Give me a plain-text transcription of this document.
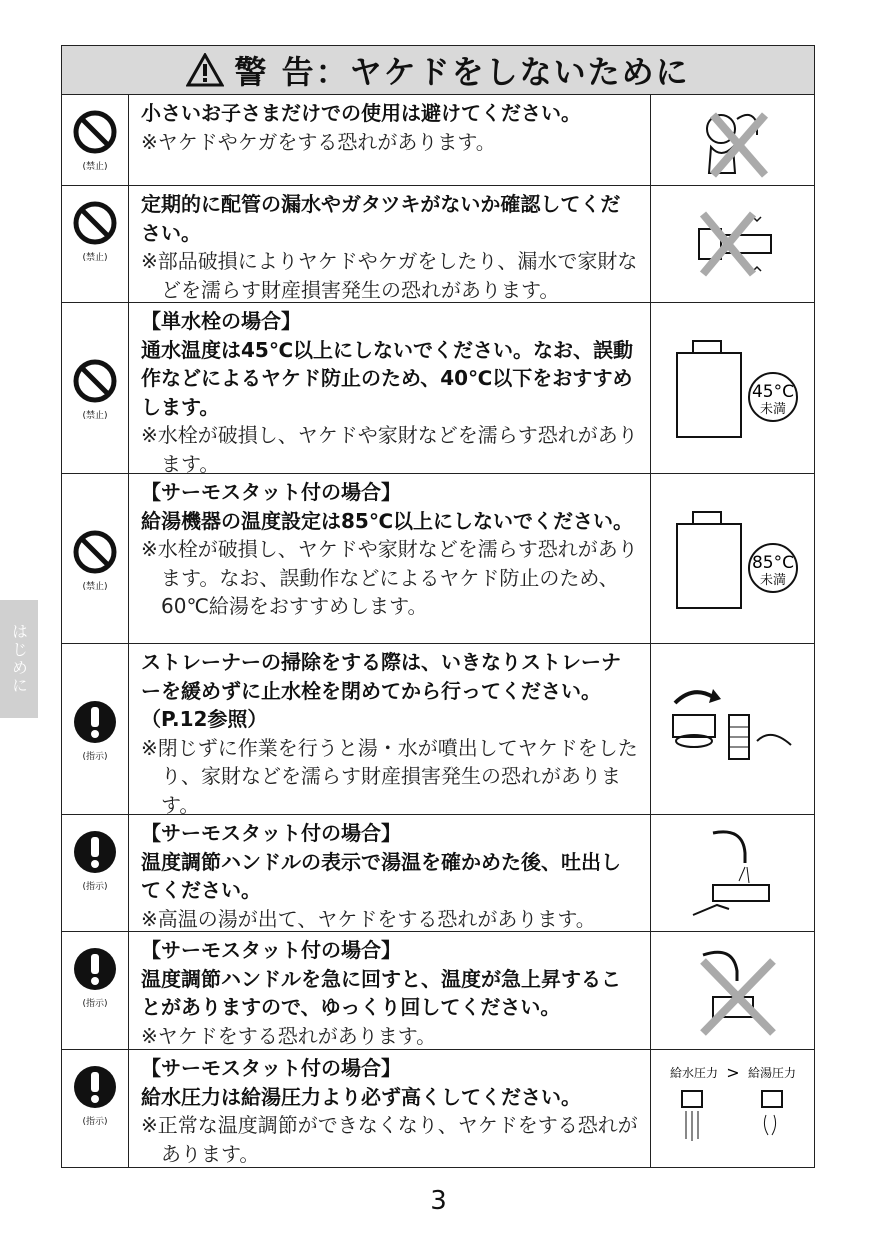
はじめに
警 告：ヤケドをしないために
(禁止)
小さいお子さまだけでの使用は避けてください。
※ヤケドやケガをする恐れがあります。
(禁止)
定期的に配管の漏水やガタツキがないか確認してください。
※部品破損によりヤケドやケガをしたり、漏水で家財などを濡らす財産損害発生の恐れがあります。
(禁止)
【単水栓の場合】
通水温度は45℃以上にしないでください。なお、誤動作などによるヤケド防止のため、40℃以下をおすすめします。
※水栓が破損し、ヤケドや家財などを濡らす恐れがあります。
45°C
未満
(禁止)
【サーモスタット付の場合】
給湯機器の温度設定は85℃以上にしないでください。
※水栓が破損し、ヤケドや家財などを濡らす恐れがあります。なお、誤動作などによるヤケド防止のため、60℃給湯をおすすめします。
85°C
未満
(指示)
ストレーナーの掃除をする際は、いきなりストレーナーを緩めずに止水栓を閉めてから行ってください。（P.12参照）
※閉じずに作業を行うと湯・水が噴出してヤケドをしたり、家財などを濡らす財産損害発生の恐れがあります。
(指示)
【サーモスタット付の場合】
温度調節ハンドルの表示で湯温を確かめた後、吐出してください。
※高温の湯が出て、ヤケドをする恐れがあります。
(指示)
【サーモスタット付の場合】
温度調節ハンドルを急に回すと、温度が急上昇することがありますので、ゆっくり回してください。
※ヤケドをする恐れがあります。
(指示)
【サーモスタット付の場合】
給水圧力は給湯圧力より必ず高くしてください。
※正常な温度調節ができなくなり、ヤケドをする恐れがあります。
給水圧力 > 給湯圧力
3
